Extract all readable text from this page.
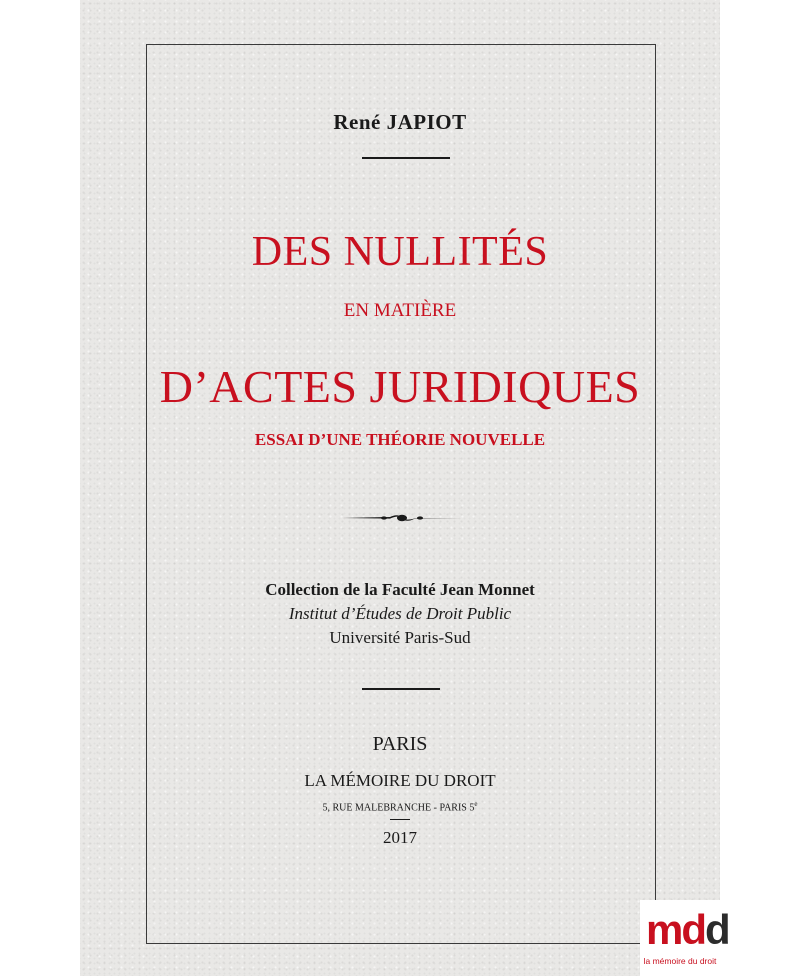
René JAPIOT
DES NULLITÉS
EN MATIÈRE
D’ACTES JURIDIQUES
ESSAI D’UNE THÉORIE NOUVELLE
Collection de la Faculté Jean Monnet
Institut d’Études de Droit Public
Université Paris-Sud
PARIS
LA MÉMOIRE DU DROIT
5, RUE MALEBRANCHE - PARIS 5e
2017
mdd
la mémoire du droit
